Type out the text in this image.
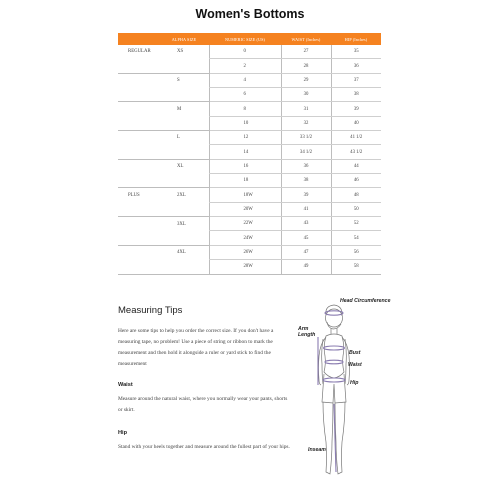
Women's Bottoms
	ALPHA SIZE	NUMERIC SIZE (US)	WAIST (Inches)	HIP (Inches)
REGULAR	XS	0	27	35
		2	28	36
	S	4	29	37
		6	30	38
	M	8	31	39
		10	32	40
	L	12	33 1/2	41 1/2
		14	34 1/2	43 1/2
	XL	16	36	44
		18	38	46
PLUS	2XL	18W	39	48
		20W	41	50
	3XL	22W	43	52
		24W	45	54
	4XL	26W	47	56
		28W	49	58
Measuring Tips

Here are some tips to help you order the correct size. If you don't have a measuring tape, no problem! Use a piece of string or ribbon to mark the measurement and then hold it alongside a ruler or yard stick to find the measurement

Waist

Measure around the natural waist, where you normally wear your pants, shorts or skirt.

Hip

Stand with your heels together and measure around the fullest part of your hips.

Head Circumference
Arm Length
Bust
Waist
Hip
Inseam
